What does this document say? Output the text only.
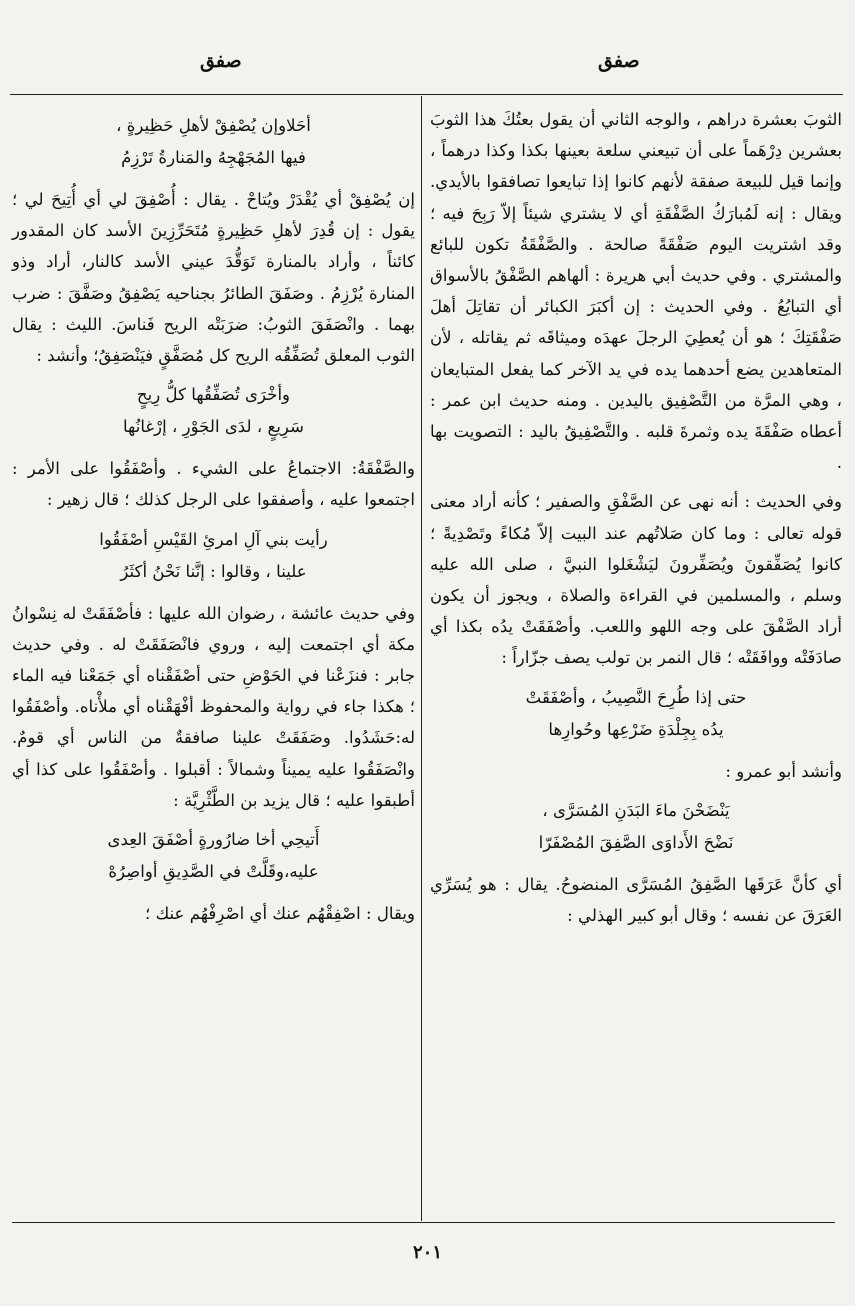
صفق
صفق

الثوبَ بعشرة دراهم ، والوجه الثاني أن يقول بعتُكَ هذا الثوبَ بعشرين دِرْهَماً على أن تبيعني سلعة بعينها بكذا وكذا درهماً ، وإنما قيل للبيعة صفقة لأنهم كانوا إذا تبايعوا تصافقوا بالأيدي. ويقال : إنه لَمُبارَكُ الصَّفْقَةِ أي لا يشتري شيئاً إلاّ رَبِحَ فيه ؛ وقد اشتريت اليوم صَفْقَةً صالحة . والصَّفْقَةُ تكون للبائع والمشتري . وفي حديث أبي هريرة : ألهاهم الصَّفْقُ بالأسواق أي التبايُعُ . وفي الحديث : إن أكبَرَ الكبائر أن تقاتِلَ أهلَ صَفْقَتِكَ ؛ هو أن يُعطِيَ الرجلَ عهدَه وميثاقَه ثم يقاتله ، لأن المتعاهدين يضع أحدهما يده في يد الآخر كما يفعل المتبايعان ، وهي المرَّة من التَّصْفِيق باليدين . ومنه حديث ابن عمر : أعطاه صَفْقَةَ يده وثمرةَ قلبه . والتَّصْفِيقُ باليد : التصويت بها .

وفي الحديث : أنه نهى عن الصَّفْقِ والصفير ؛ كأنه أراد معنى قوله تعالى : وما كان صَلاتُهم عند البيت إلاّ مُكاءً وتَصْدِيةً ؛ كانوا يُصَفِّقونَ ويُصَفِّرونَ ليَشْغَلوا النبيَّ ، صلى الله عليه وسلم ، والمسلمين في القراءة والصلاة ، ويجوز أن يكون أراد الصَّفْقَ على وجه اللهو واللعب. وأصْفَقَتْ يدُه بكذا أي صادَفَتْه ووافَقَتْه ؛ قال النمر بن تولب يصف جزّاراً :

حتى إذا طُرِحَ النَّصِيبُ ، وأصْفَقَتْ
يدُه بِجِلْدَةِ ضَرْعِها وحُوارِها

وأنشد أبو عمرو :

يَنْضَحْنَ ماءَ البَدَنِ المُسَرَّى ،
نَضْحَ الأَداوَى الصَّفِقَ المُصْفَرّا

أي كأنَّ عَرَقَها الصَّفِقُ المُسَرَّى المنضوحُ. يقال : هو يُسَرِّي العَرَقَ عن نفسه ؛ وقال أبو كبير الهذلي :

أحَلاوإن يُصْفِقْ لأهلِ حَظِيرةٍ ،
فيها المُجَهْجِهُ والمَنارةُ تَرْزِمُ

إن يُصْفِقْ أي يُقْدَرْ ويُتاحْ . يقال : أُصْفِقَ لي أي أُتِيحَ لي ؛ يقول : إن قُدِرَ لأهلِ حَظِيرةٍ مُتَحَرِّزِينَ الأسد كان المقدور كائناً ، وأراد بالمنارة تَوَقُّدَ عيني الأسد كالنار، أراد وذو المنارة يُرْزِمُ . وصَفَقَ الطائرُ بجناحيه يَصْفِقُ وصَفَّقَ : ضرب بهما . وانْصَفَقَ الثوبُ: ضرَبَتْه الريح فَناسَ. الليث : يقال الثوب المعلق تُصَفِّقُه الريح كل مُصَفَّقٍ فيَنْصَفِقُ؛ وأنشد :

وأخْرَى تُصَفِّقُها كلُّ رِيحٍ
سَرِيعٍ ، لدَى الجَوْرِ ، إرْغانُها

والصَّفْقَةُ: الاجتماعُ على الشيء . وأصْفَقُوا على الأمر : اجتمعوا عليه ، وأصفقوا على الرجل كذلك ؛ قال زهير :

رأيت بني آلِ امرئِ القَيْسِ أصْفَقُوا
علينا ، وقالوا : إنَّنا نَحْنُ أكثَرُ

وفي حديث عائشة ، رضوان الله عليها : فأصْفَقَتْ له نِسْوانُ مكة أي اجتمعت إليه ، وروي فانْصَفَقَتْ له . وفي حديث جابر : فنزَعْنا في الحَوْضِ حتى أصْفَقْناه أي جَمَعْنا فيه الماء ؛ هكذا جاء في رواية والمحفوظ أفْهَقْناه أي ملأْناه. وأصْفَقُوا له:حَشَدُوا. وصَفَقَتْ علينا صافقةٌ من الناس أي قومٌ. وانْصَفَقُوا عليه يميناً وشمالاً : أقبلوا . وأصْفَقُوا على كذا أي أطبقوا عليه ؛ قال يزيد بن الطَّثْرِيَّة :

أَتيحِي أخا ضارُورةٍ أصْفَقَ العِدى
عليه،وقَلَّتْ في الصَّدِيقِ أواصِرُهْ

ويقال : اصْفِقْهُم عنك أي اصْرِفْهُم عنك ؛

٢٠١
